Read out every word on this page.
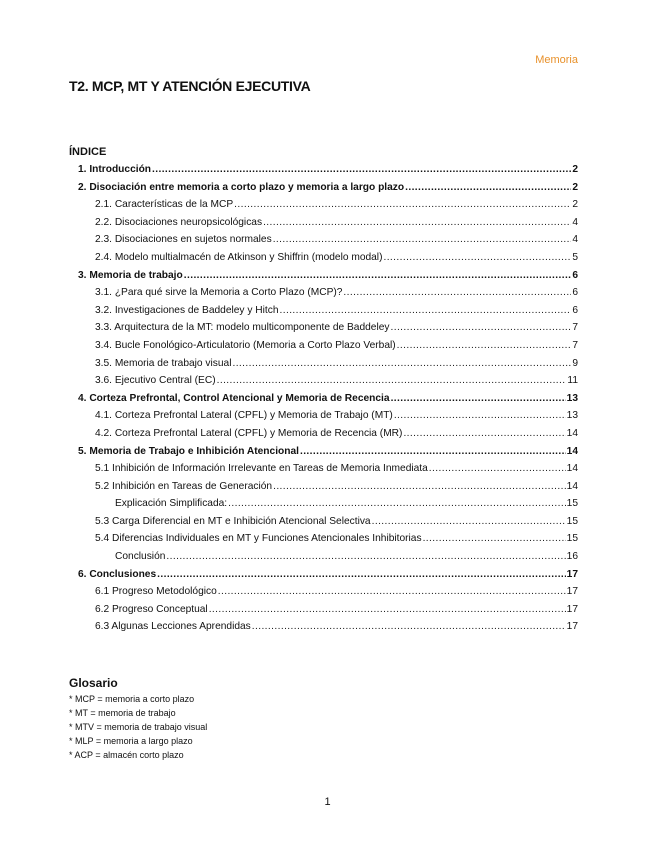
Memoria
T2. MCP, MT Y ATENCIÓN EJECUTIVA
ÍNDICE
1. Introducción .....	2
2. Disociación entre memoria a corto plazo y memoria a largo plazo .....	2
2.1. Características de la MCP .....	2
2.2. Disociaciones neuropsicológicas .....	4
2.3. Disociaciones en sujetos normales .....	4
2.4. Modelo multialmacén de Atkinson y Shiffrin (modelo modal) .....	5
3. Memoria de trabajo .....	6
3.1. ¿Para qué sirve la Memoria a Corto Plazo (MCP)? .....	6
3.2. Investigaciones de Baddeley y Hitch .....	6
3.3. Arquitectura de la MT: modelo multicomponente de Baddeley .....	7
3.4. Bucle Fonológico-Articulatorio (Memoria a Corto Plazo Verbal) .....	7
3.5. Memoria de trabajo visual .....	9
3.6. Ejecutivo Central (EC) .....	11
4. Corteza Prefrontal, Control Atencional y Memoria de Recencia .....	13
4.1. Corteza Prefrontal Lateral (CPFL) y Memoria de Trabajo (MT) .....	13
4.2. Corteza Prefrontal Lateral (CPFL) y Memoria de Recencia (MR) .....	14
5. Memoria de Trabajo e Inhibición Atencional .....	14
5.1 Inhibición de Información Irrelevante en Tareas de Memoria Inmediata .....	14
5.2 Inhibición en Tareas de Generación .....	14
Explicación Simplificada: .....	15
5.3 Carga Diferencial en MT e Inhibición Atencional Selectiva .....	15
5.4 Diferencias Individuales en MT y Funciones Atencionales Inhibitorias .....	15
Conclusión .....	16
6. Conclusiones .....	17
6.1 Progreso Metodológico .....	17
6.2 Progreso Conceptual .....	17
6.3 Algunas Lecciones Aprendidas .....	17
Glosario
* MCP = memoria a corto plazo
* MT = memoria de trabajo
* MTV = memoria de trabajo visual
* MLP = memoria a largo plazo
* ACP = almacén corto plazo
1
